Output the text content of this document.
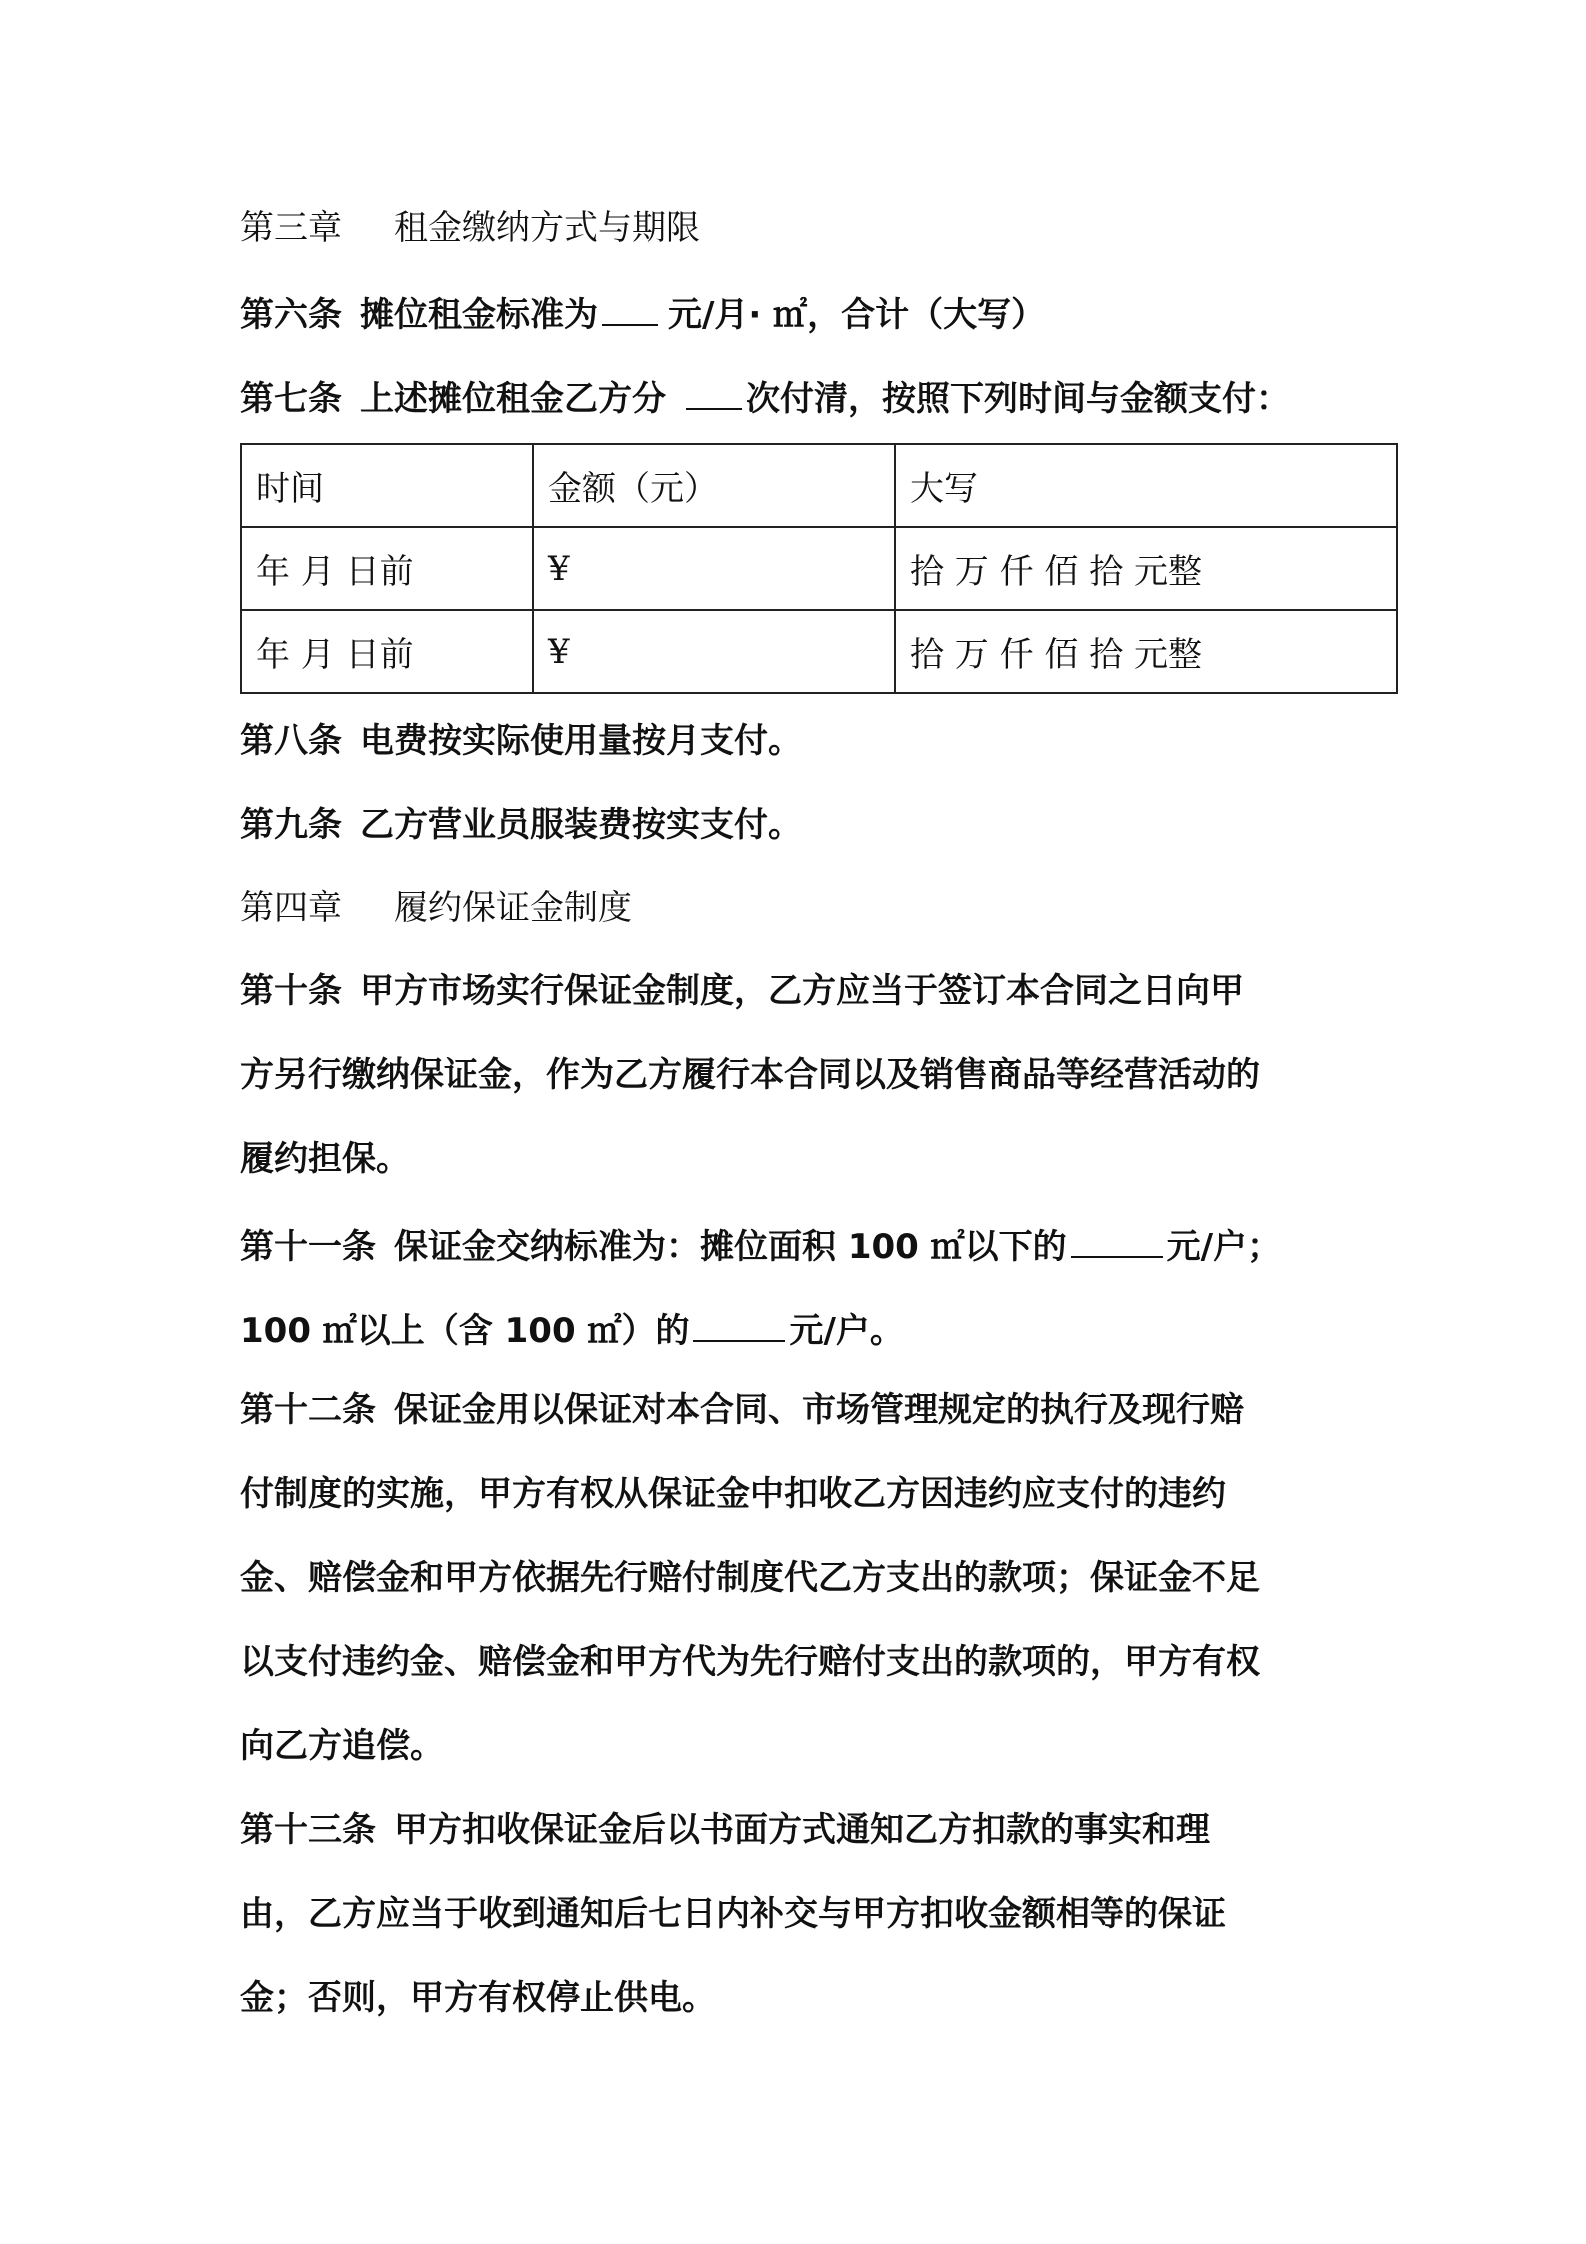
第三章 租金缴纳方式与期限
第六条 摊位租金标准为 元/月· ㎡，合计（大写）
第七条 上述摊位租金乙方分 次付清，按照下列时间与金额支付：
时间	金额（元）	大写
年 月 日前	¥	拾 万 仟 佰 拾 元整
年 月 日前	¥	拾 万 仟 佰 拾 元整
第八条 电费按实际使用量按月支付。
第九条 乙方营业员服装费按实支付。
第四章 履约保证金制度
第十条 甲方市场实行保证金制度，乙方应当于签订本合同之日向甲
方另行缴纳保证金，作为乙方履行本合同以及销售商品等经营活动的
履约担保。
第十一条 保证金交纳标准为：摊位面积 100 ㎡以下的	元/户；
100 ㎡以上（含 100 ㎡）的	元/户。
第十二条 保证金用以保证对本合同、市场管理规定的执行及现行赔
付制度的实施，甲方有权从保证金中扣收乙方因违约应支付的违约
金、赔偿金和甲方依据先行赔付制度代乙方支出的款项；保证金不足
以支付违约金、赔偿金和甲方代为先行赔付支出的款项的，甲方有权
向乙方追偿。
第十三条 甲方扣收保证金后以书面方式通知乙方扣款的事实和理
由，乙方应当于收到通知后七日内补交与甲方扣收金额相等的保证
金；否则，甲方有权停止供电。
